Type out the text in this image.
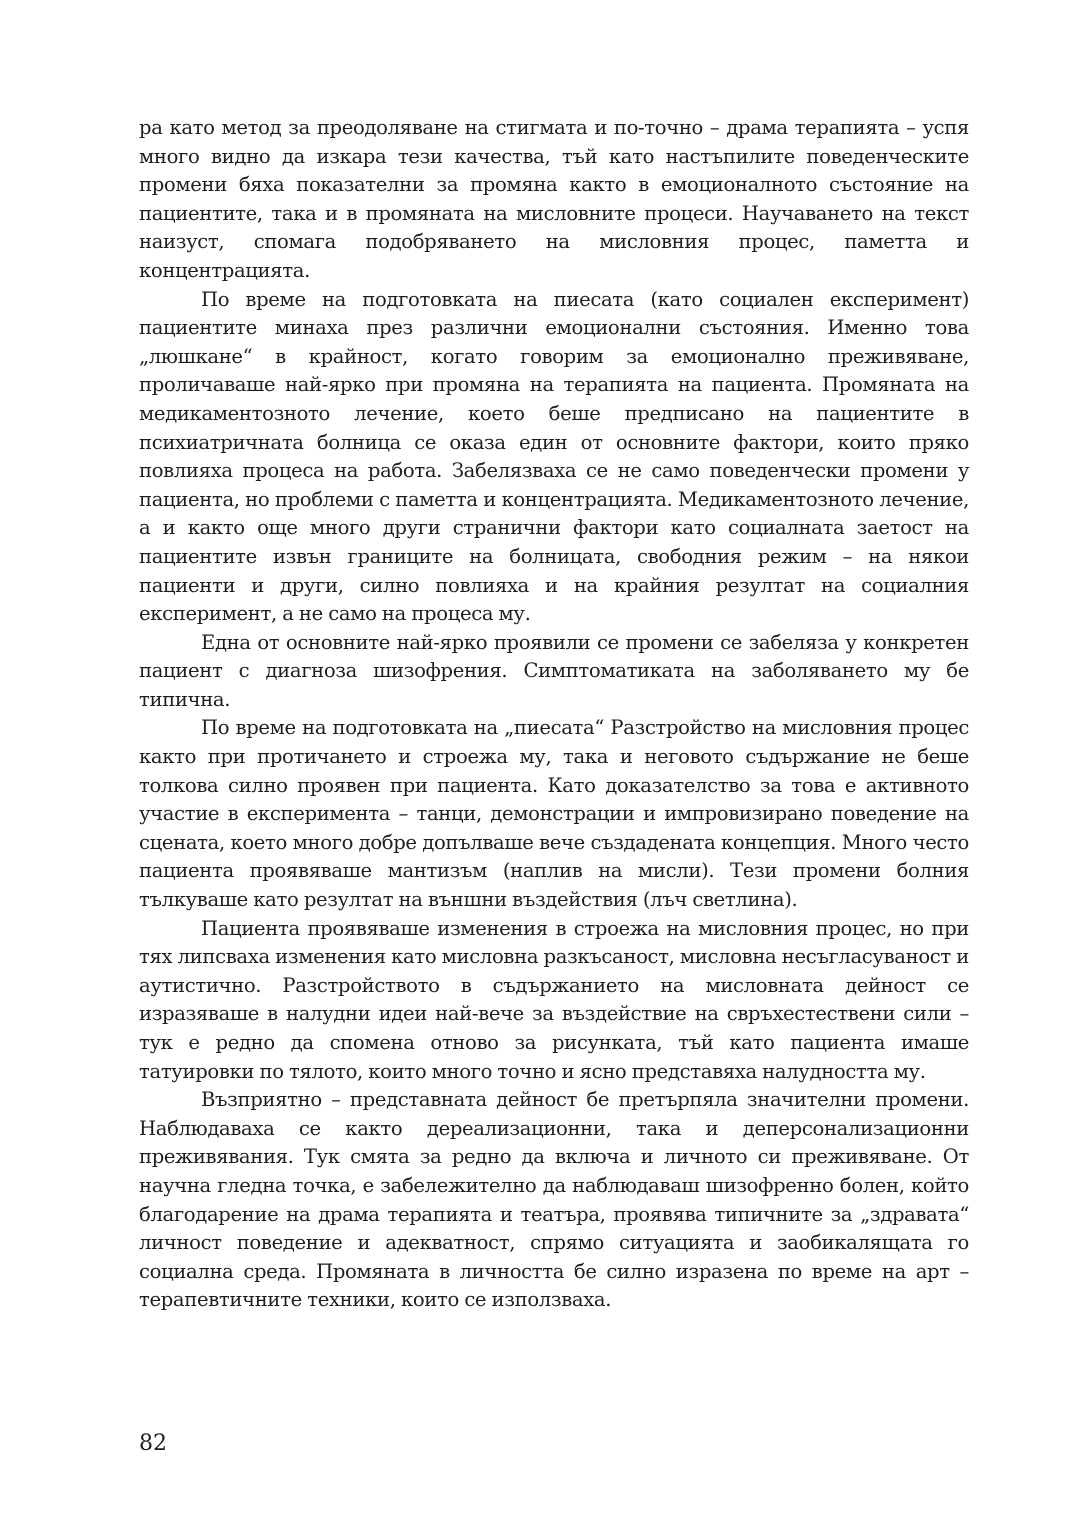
ра като метод за преодоляване на стигмата и по-точно – драма терапията – успя много видно да изкара тези качества, тъй като настъпилите поведенческите промени бяха показателни за промяна както в емоционалното състояние на пациентите, така и в промяната на мисловните процеси. Научаването на текст наизуст, спомага подобряването на мисловния процес, паметта и концентрацията.

По време на подготовката на пиесата (като социален експеримент) пациентите минаха през различни емоционални състояния. Именно това „люшкане“ в крайност, когато говорим за емоционално преживяване, проличаваше най-ярко при промяна на терапията на пациента. Промяната на медикаментозното лечение, което беше предписано на пациентите в психиатричната болница се оказа един от основните фактори, които пряко повлияха процеса на работа. Забелязваха се не само поведенчески промени у пациента, но проблеми с паметта и концентрацията. Медикаментозното лечение, а и както още много други странични фактори като социалната заетост на пациентите извън границите на болницата, свободния режим – на някои пациенти и други, силно повлияха и на крайния резултат на социалния експеримент, а не само на процеса му.

Една от основните най-ярко проявили се промени се забеляза у конкретен пациент с диагноза шизофрения. Симптоматиката на заболяването му бе типична.

По време на подготовката на „пиесата“ Разстройство на мисловния процес както при протичането и строежа му, така и неговото съдържание не беше толкова силно проявен при пациента. Като доказателство за това е активното участие в експеримента – танци, демонстрации и импровизирано поведение на сцената, което много добре допълваше вече създадената концепция. Много често пациента проявяваше мантизъм (наплив на мисли). Тези промени болния тълкуваше като резултат на външни въздействия (лъч светлина).

Пациента проявяваше изменения в строежа на мисловния процес, но при тях липсваха изменения като мисловна разкъсаност, мисловна несъгласуваност и аутистично. Разстройството в съдържанието на мисловната дейност се изразяваше в налудни идеи най-вече за въздействие на свръхестествени сили – тук е редно да спомена отново за рисунката, тъй като пациента имаше татуировки по тялото, които много точно и ясно представяха налудността му.

Възприятно – представната дейност бе претърпяла значителни промени. Наблюдаваха се както дереализационни, така и деперсонализационни преживявания. Тук смята за редно да включа и личното си преживяване. От научна гледна точка, е забележително да наблюдаваш шизофренно болен, който благодарение на драма терапията и театъра, проявява типичните за „здравата“ личност поведение и адекватност, спрямо ситуацията и заобикалящата го социална среда. Промяната в личността бе силно изразена по време на арт – терапевтичните техники, които се използваха.

82
